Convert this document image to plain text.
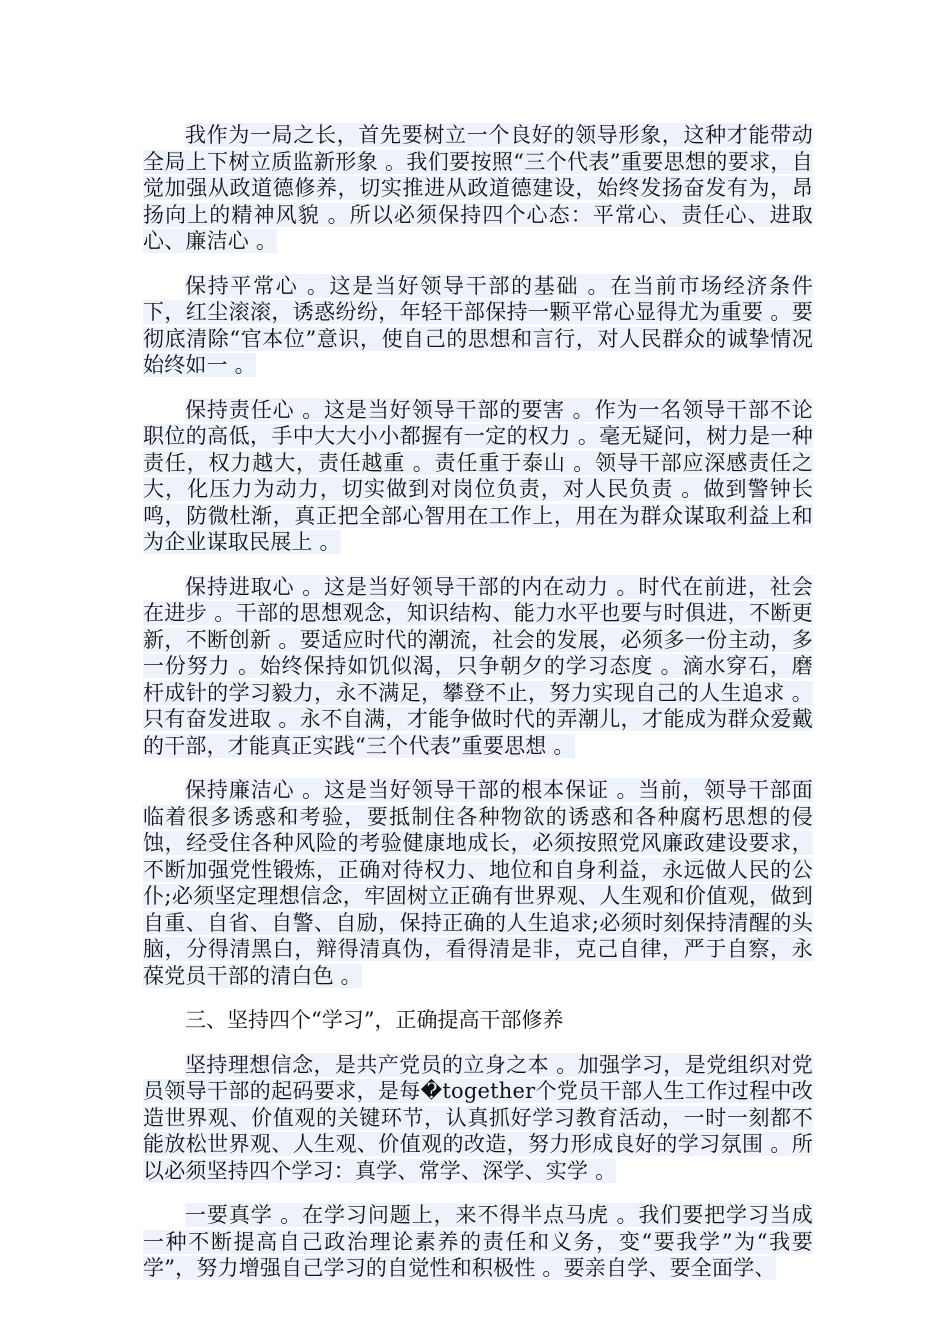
我作为一局之长，首先要树立一个良好的领导形象，这种才能带动全局上下树立质监新形象 。我们要按照“三个代表”重要思想的要求，自觉加强从政道德修养，切实推进从政道德建设，始终发扬奋发有为，昂扬向上的精神风貌 。所以必须保持四个心态：平常心、责任心、进取心、廉洁心 。

保持平常心 。这是当好领导干部的基础 。在当前市场经济条件下，红尘滚滚，诱惑纷纷，年轻干部保持一颗平常心显得尤为重要 。要彻底清除“官本位”意识，使自己的思想和言行，对人民群众的诚挚情况始终如一 。

保持责任心 。这是当好领导干部的要害 。作为一名领导干部不论职位的高低，手中大大小小都握有一定的权力 。毫无疑问，树力是一种责任，权力越大，责任越重 。责任重于泰山 。领导干部应深感责任之大，化压力为动力，切实做到对岗位负责，对人民负责 。做到警钟长鸣，防微杜渐，真正把全部心智用在工作上，用在为群众谋取利益上和为企业谋取民展上 。

保持进取心 。这是当好领导干部的内在动力 。时代在前进，社会在进步 。干部的思想观念，知识结构、能力水平也要与时俱进，不断更新，不断创新 。要适应时代的潮流，社会的发展，必须多一份主动，多一份努力 。始终保持如饥似渴，只争朝夕的学习态度 。滴水穿石，磨杆成针的学习毅力，永不满足，攀登不止，努力实现自己的人生追求 。只有奋发进取 。永不自满，才能争做时代的弄潮儿，才能成为群众爱戴的干部，才能真正实践“三个代表”重要思想 。

保持廉洁心 。这是当好领导干部的根本保证 。当前，领导干部面临着很多诱惑和考验，要抵制住各种物欲的诱惑和各种腐朽思想的侵蚀，经受住各种风险的考验健康地成长，必须按照党风廉政建设要求，不断加强党性锻炼，正确对待权力、地位和自身利益，永远做人民的公仆;必须坚定理想信念，牢固树立正确有世界观、人生观和价值观，做到自重、自省、自警、自励，保持正确的人生追求;必须时刻保持清醒的头脑，分得清黑白，辩得清真伪，看得清是非，克己自律，严于自察，永葆党员干部的清白色 。

三、坚持四个“学习”，正确提高干部修养

坚持理想信念，是共产党员的立身之本 。加强学习，是党组织对党员领导干部的起码要求，是每�together个党员干部人生工作过程中改造世界观、价值观的关键环节，认真抓好学习教育活动，一时一刻都不能放松世界观、人生观、价值观的改造，努力形成良好的学习氛围 。所以必须坚持四个学习：真学、常学、深学、实学 。

一要真学 。在学习问题上，来不得半点马虎 。我们要把学习当成一种不断提高自己政治理论素养的责任和义务，变“要我学”为“我要学”，努力增强自己学习的自觉性和积极性 。要亲自学、要全面学、
